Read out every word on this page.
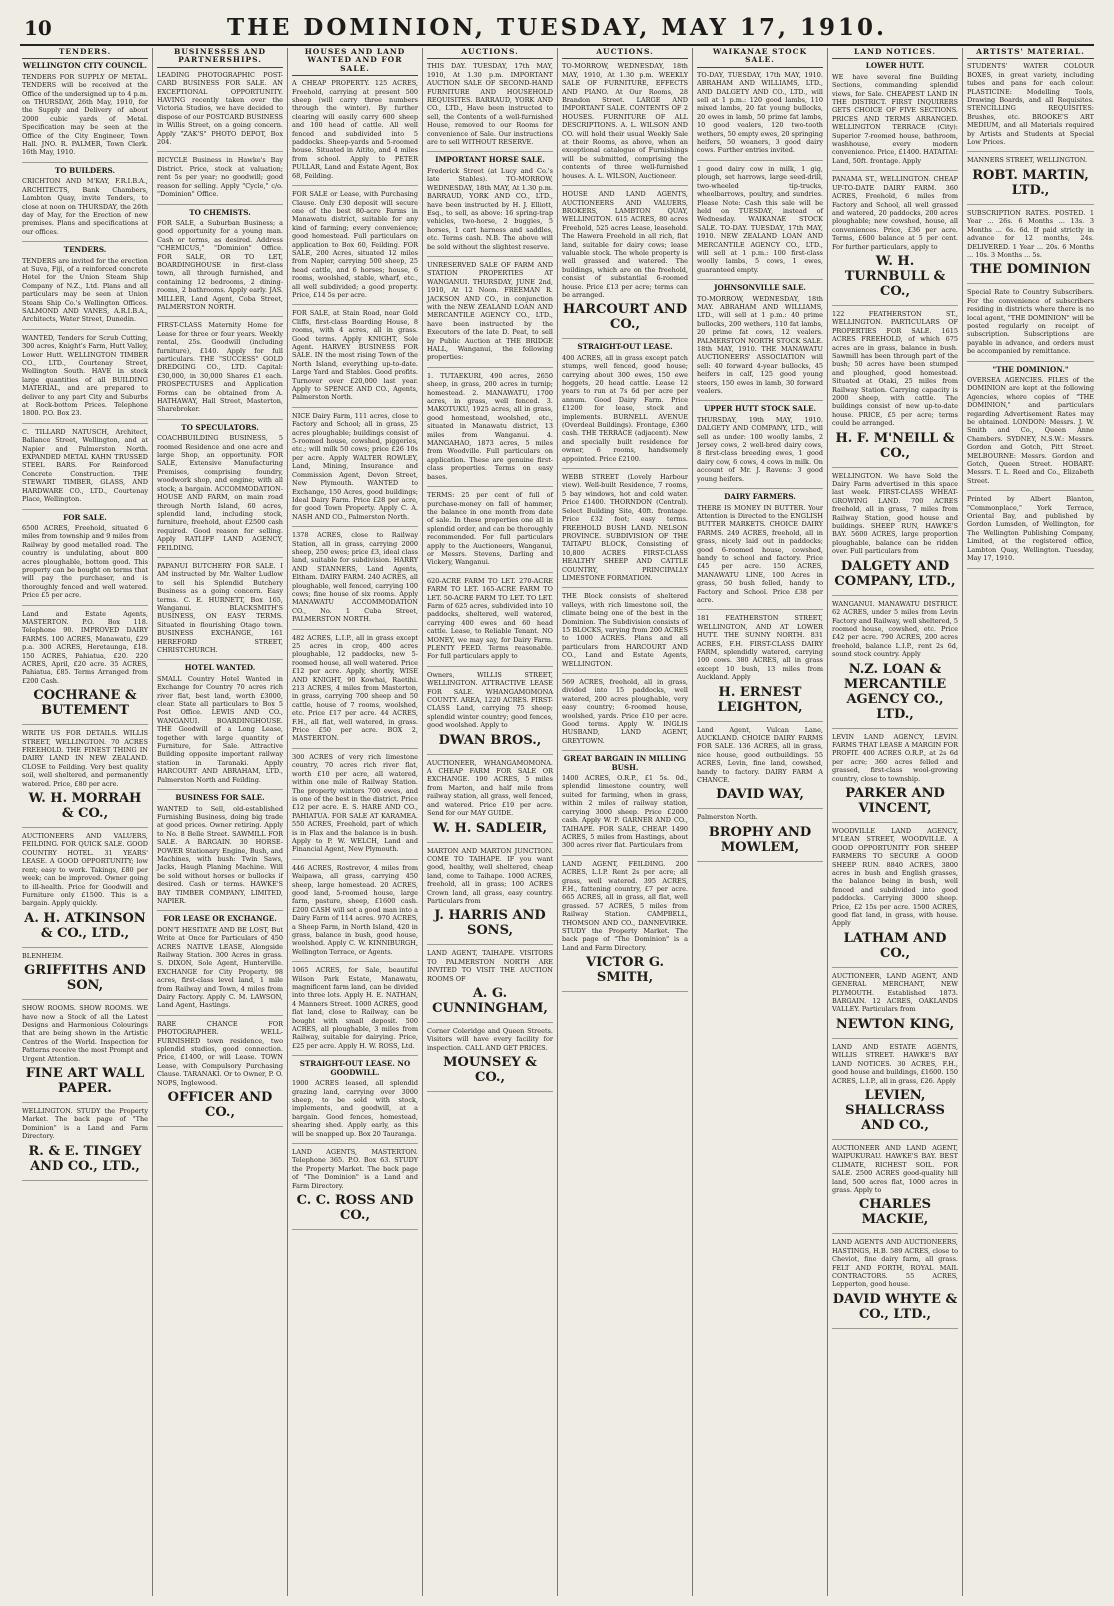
10	THE DOMINION, TUESDAY, MAY 17, 1910.
TENDERS.
WELLINGTON CITY COUNCIL.

TENDERS FOR SUPPLY OF METAL. TENDERS will be received at the Office of the undersigned up to 4 p.m. on THURSDAY, 26th May, 1910, for the Supply and Delivery of about 2000 cubic yards of Metal. Specification may be seen at the Office of the City Engineer, Town Hall. JNO. R. PALMER, Town Clerk. 16th May, 1910.

TO BUILDERS.

CRICHTON AND M'KAY, F.R.I.B.A., ARCHITECTS, Bank Chambers, Lambton Quay, invite Tenders, to close at noon on THURSDAY, the 26th day of May, for the Erection of new premises. Plans and specifications at our offices.

TENDERS.

TENDERS are invited for the erection at Suva, Fiji, of a reinforced concrete Hotel for the Union Steam Ship Company of N.Z., Ltd. Plans and all particulars may be seen at Union Steam Ship Co.'s Wellington Offices. SALMOND AND VANES, A.R.I.B.A., Architects, Water Street, Dunedin.

WANTED, Tenders for Scrub Cutting, 300 acres, Knight's Farm, Hutt Valley, Lower Hutt. WELLINGTON TIMBER CO., LTD., Courtenay Street, Wellington South. HAVE in stock large quantities of all BUILDING MATERIAL, and are prepared to deliver to any part City and Suburbs at Rock-bottom Prices. Telephone 1800. P.O. Box 23.

C. TILLARD NATUSCH, Architect, Ballance Street, Wellington, and at Napier and Palmerston North. EXPANDED METAL KAHN TRUSSED STEEL BARS. For Reinforced Concrete Construction. THE STEWART TIMBER, GLASS, AND HARDWARE CO., LTD., Courtenay Place, Wellington.

FOR SALE.

6500 ACRES, Freehold, situated 6 miles from township and 9 miles from Railway by good metalled road. The country is undulating, about 800 acres ploughable, bottom good. This property can be bought on terms that will pay the purchaser, and is thoroughly fenced and well watered. Price £5 per acre.

Land and Estate Agents, MASTERTON. P.O. Box 118. Telephone 90. IMPROVED DAIRY FARMS. 100 ACRES, Manawatu, £29 p.a. 300 ACRES, Heretaunga, £18. 150 ACRES, Pahiatua, £20. 220 ACRES, April, £20 acre. 35 ACRES, Pahiatua, £85. Terms Arranged from £200 Cash.

COCHRANE & BUTEMENT

WRITE US FOR DETAILS. WILLIS STREET, WELLINGTON. 70 ACRES FREEHOLD. THE FINEST THING IN DAIRY LAND IN NEW ZEALAND. CLOSE to Feilding. Very best quality soil, well sheltered, and permanently watered. Price, £80 per acre.

W. H. MORRAH & CO.,

AUCTIONEERS AND VALUERS, FEILDING. FOR QUICK SALE. GOOD COUNTRY HOTEL. 31 YEARS' LEASE. A GOOD OPPORTUNITY; low rent; easy to work. Takings, £80 per week; can be improved. Owner going to ill-health. Price for Goodwill and Furniture only £1500. This is a bargain. Apply quickly.

A. H. ATKINSON & CO., LTD.,

BLENHEIM.

GRIFFITHS AND SON,

SHOW ROOMS. SHOW ROOMS. WE have now a Stock of all the Latest Designs and Harmonious Colourings that are being shown in the Artistic Centres of the World. Inspection for Patterns receive the most Prompt and Urgent Attention.

FINE ART WALL PAPER.

WELLINGTON. STUDY the Property Market. The back page of "The Dominion" is a Land and Farm Directory.

R. & E. TINGEY AND CO., LTD.,
BUSINESSES AND PARTNERSHIPS.

LEADING PHOTOGRAPHIC POST-CARD BUSINESS FOR SALE. AN EXCEPTIONAL OPPORTUNITY. HAVING recently taken over the Victoria Studios, we have decided to dispose of our POSTCARD BUSINESS in Willis Street, on a going concern. Apply "ZAK'S" PHOTO DEPOT, Box 204.

BICYCLE Business in Hawke's Bay District. Price, stock at valuation; rent 5s per year; no goodwill; good reason for selling. Apply "Cycle," c/o. "Dominion" Office.

TO CHEMISTS.

FOR SALE, a Suburban Business; a good opportunity for a young man. Cash or terms, as desired. Address "CHEMICUS," "Dominion" Office. FOR SALE, OR TO LET, BOARDINGHOUSE in first-class town, all through furnished, and containing 12 bedrooms, 2 dining-rooms, 2 bathrooms. Apply early. JAS. MILLER, Land Agent, Coba Street, PALMERSTON NORTH.

FIRST-CLASS Maternity Home for Lease for three or four years. Weekly rental, 25s. Goodwill (including furniture), £140. Apply for full particulars. THE "SUCCESS" GOLD DREDGING CO., LTD. Capital: £30,000, in 30,000 Shares £1 each. PROSPECTUSES and Application Forms can be obtained from A. HATHAWAY, Hall Street, Masterton, Sharebroker.

TO SPECULATORS.

COACHBUILDING BUSINESS, 5 roomed Residence and one acre and large Shop, an opportunity. FOR SALE, Extensive Manufacturing Premises, comprising foundry, woodwork shop, and engine; with all stock; a bargain. ACCOMMODATION-HOUSE AND FARM, on main road through North Island, 60 acres, splendid land, including stock, furniture, freehold, about £2500 cash required. Good reason for selling. Apply RATLIFF LAND AGENCY, FEILDING.

PAPANUI BUTCHERY FOR SALE. I AM instructed by Mr. Walter Ludlow to sell his Splendid Butchery Business as a going concern. Easy terms. C. E. HURNETT, Box 165, Wanganui. BLACKSMITH'S BUSINESS, ON EASY TERMS. Situated in flourishing Otago town. BUSINESS EXCHANGE, 161 HEREFORD STREET, CHRISTCHURCH.

HOTEL WANTED.

SMALL Country Hotel Wanted in Exchange for Country 70 acres rich river flat, best land, worth £3000, clear. State all particulars to Box 5 Post Office. LEWIS AND CO., WANGANUI. BOARDINGHOUSE. THE Goodwill of a Long Lease, together with large quantity of Furniture, for Sale. Attractive Building opposite important railway station in Taranaki. Apply HARCOURT AND ABRAHAM, LTD., Palmerston North and Feilding.

BUSINESS FOR SALE.

WANTED to Sell, old-established Furnishing Business, doing big trade at good prices. Owner retiring. Apply to No. 8 Belle Street. SAWMILL FOR SALE. A BARGAIN. 30 HORSE-POWER Stationary Engine, Bush, and Machines, with bush: Twin Saws, Jacks, Haugh Planing Machine. Will be sold without horses or bullocks if desired. Cash or terms. HAWKE'S BAY TIMBER COMPANY, LIMITED, NAPIER.

FOR LEASE OR EXCHANGE.

DON'T HESITATE AND BE LOST, But Write at Once for Particulars of 450 ACRES NATIVE LEASE, Alongside Railway Station. 300 Acres in grass. S. DIXON, Sole Agent, Hunterville. EXCHANGE for City Property. 98 acres, first-class level land, 1 mile from Railway and Town, 4 miles from Dairy Factory. Apply C. M. LAWSON, Land Agent, Hastings.

RARE CHANCE FOR PHOTOGRAPHER. WELL-FURNISHED town residence, two splendid studios, good connection. Price, £1400, or will Lease. TOWN Lease, with Compulsory Purchasing Clause. TARANAKI. Or to Owner, P. O. NOPS, Inglewood.

OFFICER AND CO.,
HOUSES AND LAND WANTED AND FOR SALE.

A CHEAP PROPERTY. 125 ACRES, Freehold, carrying at present 500 sheep (will carry three numbers through the winter). By further clearing will easily carry 600 sheep and 100 head of cattle. All well fenced and subdivided into 5 paddocks. Sheep-yards and 5-roomed house. Situated in Aitito, and 4 miles from school. Apply to PETER PULLAR, Land and Estate Agent, Box 68, Feilding.

FOR SALE or Lease, with Purchasing Clause. Only £30 deposit will secure one of the best 80-acre Farms in Manawatu district, suitable for any kind of farming; every convenience; good homestead. Full particulars on application to Box 60, Feilding. FOR SALE, 200 Acres, situated 12 miles from Napier, carrying 500 sheep, 25 head cattle, and 6 horses; house, 6 rooms, woolshed, stable, wharf, etc., all well subdivided; a good property. Price, £14 5s per acre.

FOR SALE, at Stain Road, near Gold Cliffs, first-class Boarding House, 8 rooms, with 4 acres, all in grass. Good terms. Apply KNIGHT, Sole Agent. HARVEY BUSINESS FOR SALE. IN the most rising Town of the North Island, everything up-to-date. Large Yard and Stables. Good profits. Turnover over £20,000 last year. Apply to SPENCE AND CO., Agents, Palmerston North.

NICE Dairy Farm, 111 acres, close to Factory and School; all in grass, 25 acres ploughable; buildings consist of 5-roomed house, cowshed, piggeries, etc.; will milk 50 cows; price £26 10s per acre. Apply WALTER ROWLEY, Land, Mining, Insurance and Commission Agent, Devon Street, New Plymouth. WANTED to Exchange, 150 Acres, good buildings; Ideal Dairy Farm. Price £28 per acre, for good Town Property. Apply C. A. NASH AND CO., Palmerston North.

1378 ACRES, close to Railway Station, all in grass, carrying 2000 sheep, 250 ewes; price £3, ideal class land, suitable for subdivision. HARRY AND STANNERS, Land Agents, Eltham. DAIRY FARM. 240 ACRES, all ploughable, well fenced, carrying 100 cows; fine house of six rooms. Apply MANAWATU ACCOMMODATION CO., No. 1 Cuba Street, PALMERSTON NORTH.

482 ACRES, L.I.P., all in grass except 25 acres in crop, 400 acres ploughable, 12 paddocks, new 5-roomed house, all well watered. Price £12 per acre. Apply, shortly, WISE AND KNIGHT, 90 Kowhai, Raetihi. 213 ACRES, 4 miles from Masterton, in grass, carrying 700 sheep and 50 cattle, house of 7 rooms, woolshed, etc. Price £17 per acre. 44 ACRES, F.H., all flat, well watered, in grass. Price £50 per acre. BOX 2, MASTERTON.

300 ACRES of very rich limestone country, 70 acres rich river flat, worth £10 per acre, all watered, within one mile of Railway Station. The property winters 700 ewes, and is one of the best in the district. Price £12 per acre. E. S. HARE AND CO., PAHIATUA. FOR SALE AT KARAMEA. 550 ACRES, Freehold, part of which is in Flax and the balance is in bush. Apply to P. W. WELCH, Land and Financial Agent, New Plymouth.

446 ACRES, Rostrevor, 4 miles from Waipawa, all grass, carrying 450 sheep, large homestead. 20 ACRES, good land, 5-roomed house, large farm, pasture, sheep, £1600 cash. £200 CASH will set a good man into a Dairy Farm of 114 acres. 970 ACRES, a Sheep Farm, in North Island, 420 in grass, balance in bush, good house, woolshed. Apply C. W. KINNIBURGH, Wellington Terrace, or Agents.

1065 ACRES, for Sale, beautiful Wilson Park Estate, Manawatu, magnificent farm land, can be divided into three lots. Apply H. E. NATHAN, 4 Manners Street. 1000 ACRES, good flat land, close to Railway, can be bought with small deposit. 500 ACRES, all ploughable, 3 miles from Railway, suitable for dairying. Price, £25 per acre. Apply H. W. ROSS, Ltd.

STRAIGHT-OUT LEASE. NO GOODWILL.

1900 ACRES leased, all splendid grazing land, carrying over 3000 sheep, to be sold with stock, implements, and goodwill, at a bargain. Good fences, homestead, shearing shed. Apply early, as this will be snapped up. Box 20 Tauranga.

LAND AGENTS, MASTERTON. Telephone 365. P.O. Box 63. STUDY the Property Market. The back page of "The Dominion" is a Land and Farm Directory.

C. C. ROSS AND CO.,
AUCTIONS.

THIS DAY. TUESDAY, 17th MAY, 1910, At 1.30 p.m. IMPORTANT AUCTION SALE OF SECOND-HAND FURNITURE AND HOUSEHOLD REQUISITES. BARRAUD, YORK AND CO., LTD., Have been instructed to sell, the Contents of a well-furnished House, removed to our Rooms for convenience of Sale. Our instructions are to sell WITHOUT RESERVE.

IMPORTANT HORSE SALE.

Frederick Street (at Lucy and Co.'s late Stables). TO-MORROW, WEDNESDAY, 18th MAY, At 1.30 p.m. BARRAUD, YORK AND CO., LTD., have been instructed by H. J. Elliott, Esq., to sell, as above: 16 spring-trap vehicles, two-horse, 2 buggies, 5 horses, 1 cart harness and saddles, etc. Terms cash. N.B. The above will be sold without the slightest reserve.

UNRESERVED SALE OF FARM AND STATION PROPERTIES AT WANGANUI. THURSDAY, JUNE 2nd, 1910, At 12 Noon. FREEMAN R. JACKSON AND CO., in conjunction with the NEW ZEALAND LOAN AND MERCANTILE AGENCY CO., LTD., have been instructed by the Executors of the late D. Peat, to sell by Public Auction at THE BRIDGE HALL, Wanganui, the following properties:

1. TUTAEKURI, 490 acres, 2650 sheep, in grass, 200 acres in turnip; homestead. 2. MANAWATU, 1700 acres, in grass, well fenced. 3. MAKOTUKU, 1925 acres, all in grass, good homestead, woolshed, etc., situated in Manawatu district, 13 miles from Wanganui. 4. MANGAHAO, 1873 acres, 5 miles from Woodville. Full particulars on application. These are genuine first-class properties. Terms on easy bases.

TERMS: 25 per cent of full of purchase-money on fall of hammer, the balance in one month from date of sale. In these properties one all in splendid order, and can be thoroughly recommended. For full particulars apply to the Auctioneers, Wanganui, or Messrs. Stevens, Darling and Vickery, Wanganui.

620-ACRE FARM TO LET. 270-ACRE FARM TO LET. 165-ACRE FARM TO LET. 50-ACRE FARM TO LET. TO LET. Farm of 625 acres, subdivided into 10 paddocks, sheltered, well watered, carrying 400 ewes and 60 head cattle. Lease, to Reliable Tenant. NO MONEY, we may say, for Dairy Farm. PLENTY FEED. Terms reasonable. For full particulars apply to

Owners, WILLIS STREET, WELLINGTON. ATTRACTIVE LEASE FOR SALE. WHANGAMOMONA COUNTY. AREA, 1220 ACRES. FIRST-CLASS Land, carrying 75 sheep; splendid winter country; good fences, good woolshed. Apply to

DWAN BROS.,

AUCTIONEER, WHANGAMOMONA. A CHEAP FARM FOR SALE OR EXCHANGE. 190 ACRES, 5 miles from Marton, and half mile from railway station, all grass, well fenced, and watered. Price £19 per acre. Send for our MAY GUIDE.

W. H. SADLEIR,

MARTON AND MARTON JUNCTION. COME TO TAIHAPE. IF you want good, healthy, well sheltered, cheap land, come to Taihape. 1000 ACRES, freehold, all in grass; 100 ACRES Crown land, all grass, easy country. Particulars from

J. HARRIS AND SONS,

LAND AGENT, TAIHAPE. VISITORS TO PALMERSTON NORTH ARE INVITED TO VISIT THE AUCTION ROOMS OF

A. G. CUNNINGHAM,

Corner Coleridge and Queen Streets. Visitors will have every facility for inspection. CALL AND GET PRICES.

MOUNSEY & CO.,
AUCTIONS.

TO-MORROW, WEDNESDAY, 18th MAY, 1910, At 1.30 p.m. WEEKLY SALE OF FURNITURE, EFFECTS AND PIANO. At Our Rooms, 28 Brandon Street. LARGE AND IMPORTANT SALE. CONTENTS OF 2 HOUSES. FURNITURE OF ALL DESCRIPTIONS. A. L. WILSON AND CO. will hold their usual Weekly Sale at their Rooms, as above, when an exceptional catalogue of Furnishings will be submitted, comprising the contents of three well-furnished houses. A. L. WILSON, Auctioneer.

HOUSE AND LAND AGENTS, AUCTIONEERS AND VALUERS, BROKERS, LAMBTON QUAY, WELLINGTON. 615 ACRES, 80 acres Freehold, 525 acres Lease, leasehold. The Hawera Freehold in all rich, flat land, suitable for dairy cows; lease valuable stock. The whole property is well grassed and watered. The buildings, which are on the freehold, consist of substantial 6-roomed house. Price £13 per acre; terms can be arranged.

HARCOURT AND CO.,
STRAIGHT-OUT LEASE.

400 ACRES, all in grass except patch stumps, well fenced, good house; carrying about 300 ewes, 150 ewe hoggets, 20 head cattle. Lease 12 years to run at 7s 6d per acre per annum. Good Dairy Farm. Price £1200 for lease, stock and implements. BURNELL AVENUE (Overdeal Buildings). Frontage, £360 cash. THE TERRACE (adjacent). New and specially built residence for owner, 6 rooms, handsomely appointed. Price £2100.

WEBB STREET (Lovely Harbour view). Well-built Residence, 7 rooms, 5 bay windows, hot and cold water. Price £1400. THORNDON (Central). Select Building Site, 40ft. frontage. Price £32 foot; easy terms. FREEHOLD BUSH LAND. NELSON PROVINCE. SUBDIVISION OF THE TAITAPU BLOCK, Consisting of 10,800 ACRES FIRST-CLASS HEALTHY SHEEP AND CATTLE COUNTRY, PRINCIPALLY LIMESTONE FORMATION.

THE Block consists of sheltered valleys, with rich limestone soil, the climate being one of the best in the Dominion. The Subdivision consists of 15 BLOCKS, varying from 200 ACRES to 1000 ACRES. Plans and all particulars from HARCOURT AND CO., Land and Estate Agents, WELLINGTON.

569 ACRES, freehold, all in grass, divided into 15 paddocks, well watered, 200 acres ploughable, very easy country; 6-roomed house, woolshed, yards. Price £10 per acre. Good terms. Apply W. INGLIS HUSBAND, LAND AGENT, GREYTOWN.

GREAT BARGAIN IN MILLING BUSH.

1400 ACRES, O.R.P., £1 5s. 0d., splendid limestone country, well suited for farming, when in grass, within 2 miles of railway station, carrying 3000 sheep. Price £2000 cash. Apply W. P. GARNER AND CO., TAIHAPE. FOR SALE, CHEAP. 1490 ACRES, 5 miles from Hastings, about 300 acres river flat. Particulars from

LAND AGENT, FEILDING. 200 ACRES, L.I.P. Rent 2s per acre; all grass, well watered. 395 ACRES, F.H., fattening country, £7 per acre. 665 ACRES, all in grass, all flat, well grassed. 57 ACRES, 5 miles from Railway Station. CAMPBELL, THOMSON AND CO., DANNEVIRKE. STUDY the Property Market. The back page of "The Dominion" is a Land and Farm Directory.

VICTOR G. SMITH,
WAIKANAE STOCK SALE.

TO-DAY, TUESDAY, 17th MAY, 1910. ABRAHAM AND WILLIAMS, LTD., AND DALGETY AND CO., LTD., will sell at 1 p.m.: 120 good lambs, 110 mixed lambs, 20 fat young bullocks, 20 ewes in lamb, 50 prime fat lambs, 10 good vealers, 120 two-tooth wethers, 50 empty ewes, 20 springing heifers, 50 weaners, 3 good dairy cows. Further entries invited.

1 good dairy cow in milk, 1 gig, plough, set harrows, large seed-drill, two-wheeled tip-trucks, wheelbarrows, poultry, and sundries. Please Note: Cash this sale will be held on TUESDAY, instead of Wednesday. WAIKANAE STOCK SALE. TO-DAY. TUESDAY, 17th MAY, 1910. NEW ZEALAND LOAN AND MERCANTILE AGENCY CO., LTD., will sell at 1 p.m.: 100 first-class woolly lambs, 5 cows, 1 ewes, guaranteed empty.

JOHNSONVILLE SALE.

TO-MORROW, WEDNESDAY, 18th MAY. ABRAHAM AND WILLIAMS, LTD., will sell at 1 p.m.: 40 prime bullocks, 200 wethers, 110 fat lambs, 20 prime fat cows, 12 vealers. PALMERSTON NORTH STOCK SALE. 18th MAY, 1910. THE MANAWATU AUCTIONEERS' ASSOCIATION will sell: 40 forward 4-year bullocks, 45 heifers in calf, 125 good young steers, 150 ewes in lamb, 30 forward vealers.

UPPER HUTT STOCK SALE.

THURSDAY, 19th MAY, 1910. DALGETY AND COMPANY, LTD., will sell as under: 100 woolly lambs, 2 Jersey cows, 2 well-bred dairy cows, 8 first-class breeding ewes, 1 good dairy cow, 6 cows, 4 cows in milk. On account of Mr. J. Ravens: 3 good young heifers.

DAIRY FARMERS.

THERE IS MONEY IN BUTTER. Your Attention is Directed to the ENGLISH BUTTER MARKETS. CHOICE DAIRY FARMS. 249 ACRES, freehold, all in grass, nicely laid out in paddocks; good 6-roomed house, cowshed, handy to school and factory. Price £45 per acre. 150 ACRES, MANAWATU LINE, 100 Acres in grass, 50 bush felled, handy to Factory and School. Price £38 per acre.

181 FEATHERSTON STREET, WELLINGTON, AND AT LOWER HUTT. THE SUNNY NORTH. 831 ACRES, F.H. FIRST-CLASS DAIRY FARM, splendidly watered, carrying 100 cows. 380 ACRES, all in grass except 10 bush, 13 miles from Auckland. Apply

H. ERNEST LEIGHTON,

Land Agent, Vulcan Lane, AUCKLAND. CHOICE DAIRY FARMS FOR SALE. 136 ACRES, all in grass, nice house, good outbuildings. 55 ACRES, Levin, fine land, cowshed, handy to factory. DAIRY FARM A CHANCE.

DAVID WAY,

Palmerston North.

BROPHY AND MOWLEM,
LAND NOTICES.
LOWER HUTT.

WE have several fine Building Sections, commanding splendid views, for Sale. CHEAPEST LAND IN THE DISTRICT. FIRST INQUIRERS GETS CHOICE OF FIVE SECTIONS. PRICES AND TERMS ARRANGED. WELLINGTON TERRACE (City): Superior 7-roomed house, bathroom, washhouse, every modern convenience. Price, £1400. HATAITAI: Land, 50ft. frontage. Apply

PANAMA ST., WELLINGTON. CHEAP UP-TO-DATE DAIRY FARM. 360 ACRES, Freehold, 6 miles from Factory and School, all well grassed and watered, 20 paddocks, 200 acres ploughable; new cowshed, house, all conveniences. Price, £36 per acre. Terms, £600 balance at 5 per cent. For further particulars, apply to

W. H. TURNBULL & CO.,

122 FEATHERSTON ST., WELLINGTON. PARTICULARS OF PROPERTIES FOR SALE. 1615 ACRES FREEHOLD, of which 675 acres are in grass, balance in bush. Sawmill has been through part of the bush; 50 acres have been stumped and ploughed, good homestead. Situated at Otaki, 25 miles from Railway Station. Carrying capacity is 2000 sheep, with cattle. The buildings consist of new up-to-date house. PRICE, £5 per acre; terms could be arranged.

H. F. M'NEILL & CO.,

WELLINGTON. We have Sold the Dairy Farm advertised in this space last week. FIRST-CLASS WHEAT-GROWING LAND. 700 ACRES freehold, all in grass, 7 miles from Railway Station, good house and buildings. SHEEP RUN, HAWKE'S BAY. 5600 ACRES, large proportion ploughable, balance can be ridden over. Full particulars from

DALGETY AND COMPANY, LTD.,

WANGANUI. MANAWATU DISTRICT. 62 ACRES, under 5 miles from Levin Factory and Railway, well sheltered, 5 roomed house, cowshed, etc. Price £42 per acre. 790 ACRES, 200 acres freehold, balance L.I.P., rent 2s 6d, sound stock country. Apply

N.Z. LOAN & MERCANTILE AGENCY CO., LTD.,

LEVIN LAND AGENCY, LEVIN. FARMS THAT LEASE A MARGIN FOR PROFIT. 400 ACRES O.R.P., at 2s 6d per acre; 360 acres felled and grassed, first-class wool-growing country, close to township.

PARKER AND VINCENT,

WOODVILLE LAND AGENCY, M'LEAN STREET, WOODVILLE. A GOOD OPPORTUNITY FOR SHEEP FARMERS TO SECURE A GOOD SHEEP RUN. 8840 ACRES, 3800 acres in bush and English grasses, the balance being in bush, well fenced and subdivided into good paddocks. Carrying 3000 sheep. Price, £2 15s per acre. 1500 ACRES, good flat land, in grass, with house. Apply

LATHAM AND CO.,

AUCTIONEER, LAND AGENT, AND GENERAL MERCHANT, NEW PLYMOUTH. Established 1873. BARGAIN. 12 ACRES, OAKLANDS VALLEY. Particulars from

NEWTON KING,

LAND AND ESTATE AGENTS, WILLIS STREET. HAWKE'S BAY LAND NOTICES. 30 ACRES, F.H., good house and buildings, £1600. 150 ACRES, L.I.P., all in grass, £26. Apply

LEVIEN, SHALLCRASS AND CO.,

AUCTIONEER AND LAND AGENT, WAIPUKURAU. HAWKE'S BAY. BEST CLIMATE, RICHEST SOIL. FOR SALE. 2500 ACRES good-quality hill land, 500 acres flat, 1000 acres in grass. Apply to

CHARLES MACKIE,

LAND AGENTS AND AUCTIONEERS, HASTINGS, H.B. 589 ACRES, close to Cheviot, fine dairy farm, all grass. FELT AND FORTH, ROYAL MAIL CONTRACTORS. 55 ACRES, Lepperton, good house.

DAVID WHYTE & CO., LTD.,
ARTISTS' MATERIAL.

STUDENTS' WATER COLOUR BOXES, in great variety, including tubes and pans for each colour. PLASTICINE: Modelling Tools, Drawing Boards, and all Requisites. STENCILLING REQUISITES: Brushes, etc. BROOKE'S ART MEDIUM, and all Materials required by Artists and Students at Special Low Prices.

MANNERS STREET, WELLINGTON.

ROBT. MARTIN, LTD.,

SUBSCRIPTION RATES. POSTED. 1 Year ... 26s. 6 Months ... 13s. 3 Months ... 6s. 6d. If paid strictly in advance for 12 months, 24s. DELIVERED. 1 Year ... 20s. 6 Months ... 10s. 3 Months ... 5s.

THE DOMINION

Special Rate to Country Subscribers. For the convenience of subscribers residing in districts where there is no local agent, "THE DOMINION" will be posted regularly on receipt of subscription. Subscriptions are payable in advance, and orders must be accompanied by remittance.

"THE DOMINION."

OVERSEA AGENCIES. FILES of the DOMINION are kept at the following Agencies, where copies of "THE DOMINION," and particulars regarding Advertisement Rates may be obtained. LONDON: Messrs. J. W. Smith and Co., Queen Anne Chambers. SYDNEY, N.S.W.: Messrs. Gordon and Gotch, Pitt Street. MELBOURNE: Messrs. Gordon and Gotch, Queen Street. HOBART: Messrs. T. L. Reed and Co., Elizabeth Street.

Printed by Albert Blanton, "Commonplace," York Terrace, Oriental Bay, and published by Gordon Lumsden, of Wellington, for The Wellington Publishing Company, Limited, at the registered office, Lambton Quay, Wellington. Tuesday, May 17, 1910.
